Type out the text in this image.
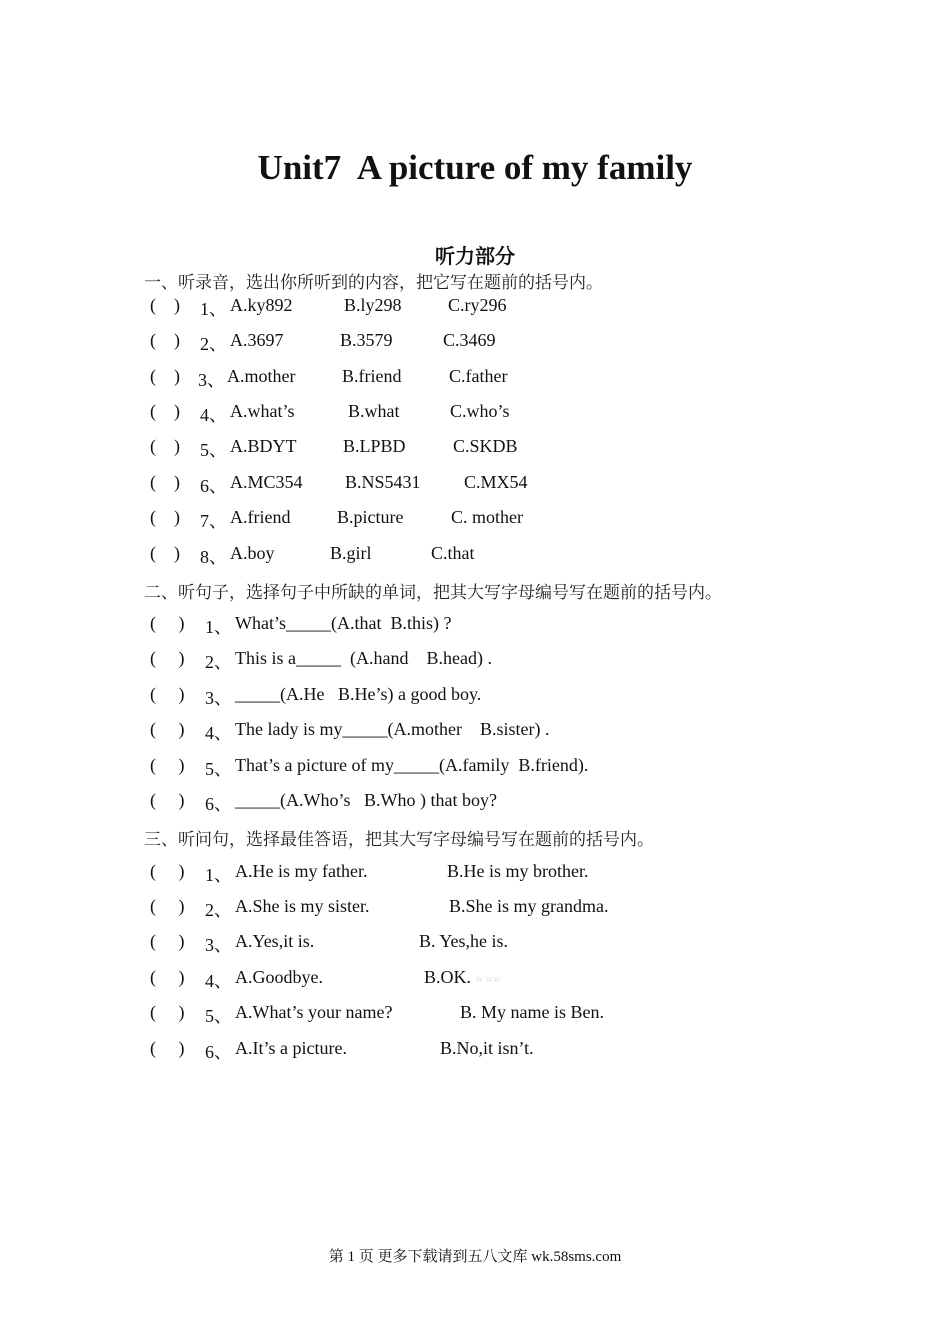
Unit7  A picture of my family
听力部分
一、听录音，选出你所听到的内容，把它写在题前的括号内。
(    ) 1、 A.ky892	B.ly298	C.ry296
(    ) 2、 A.3697	B.3579	C.3469
(    ) 3、 A.mother	B.friend	C.father
(    ) 4、 A.what’s	B.what	C.who’s
(    ) 5、 A.BDYT	B.LPBD	C.SKDB
(    ) 6、 A.MC354 B.NS5431 C.MX54
(    ) 7、 A.friend	B.picture	C. mother
(    ) 8、 A.boy	B.girl	C.that
二、听句子，选择句子中所缺的单词，把其大写字母编号写在题前的括号内。
(     ) 1、 What’s_____(A.that  B.this) ?
(     ) 2、 This is a_____  (A.hand    B.head) .
(     ) 3、 _____(A.He   B.He’s) a good boy.
(     ) 4、 The lady is my_____(A.mother    B.sister) .
(     ) 5、 That’s a picture of my_____(A.family  B.friend).
(     ) 6、 _____(A.Who’s   B.Who ) that boy?
三、听问句，选择最佳答语，把其大写字母编号写在题前的括号内。
(     ) 1、 A.He is my father.	B.He is my brother.
(     ) 2、 A.She is my sister.	B.She is my grandma.
(     ) 3、 A.Yes,it is.	B. Yes,he is.
(     ) 4、 A.Goodbye.	B.OK.
(     ) 5、 A.What’s your name?	B. My name is Ben.
(     ) 6、 A.It’s a picture.	B.No,it isn’t.
w ww
第 1 页 更多下载请到五八文库 wk.58sms.com
